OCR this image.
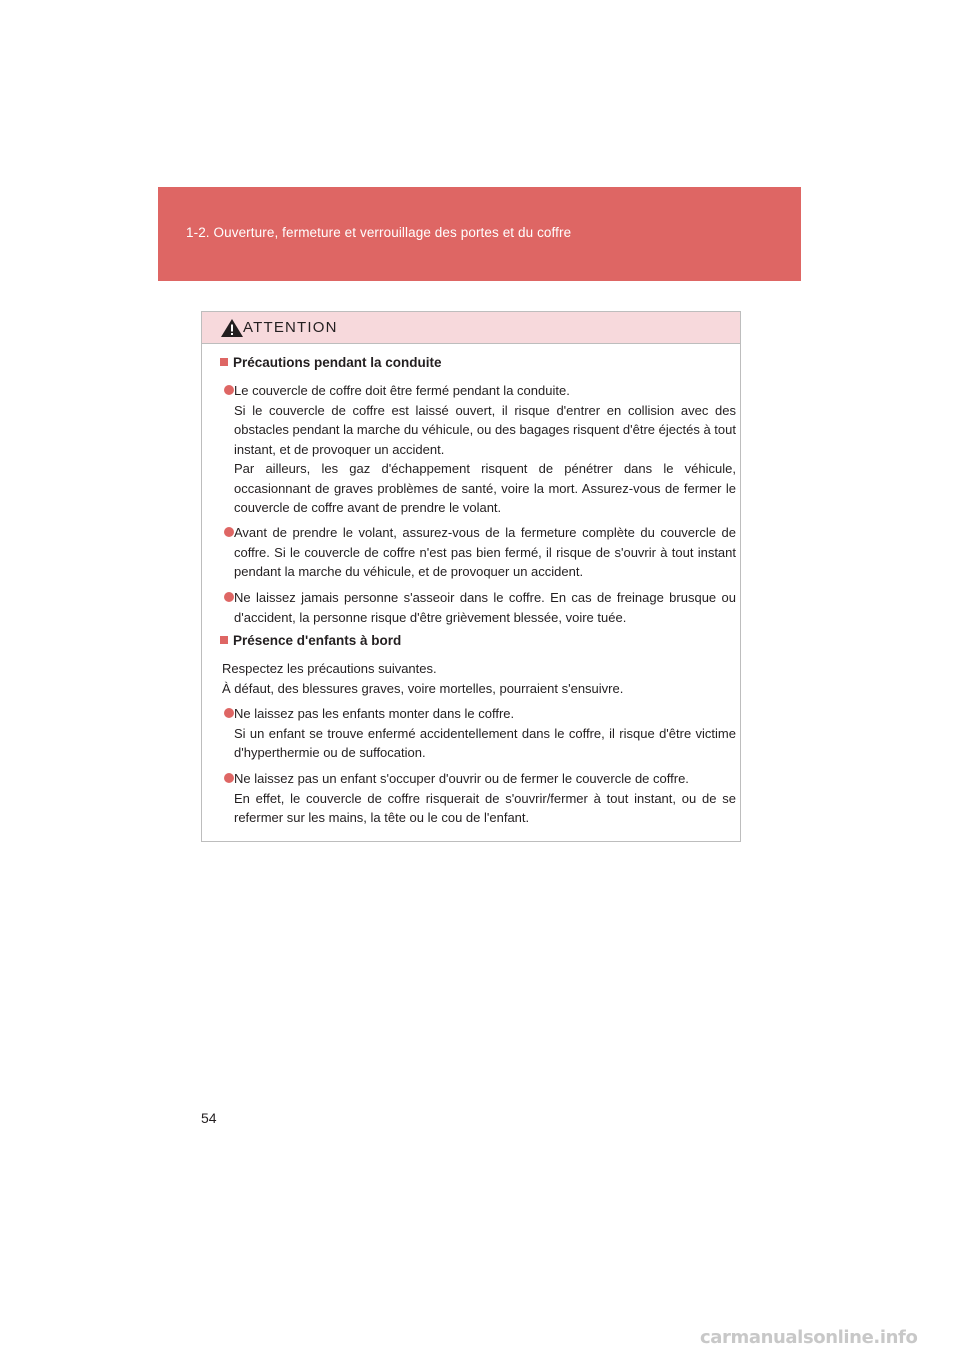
1-2. Ouverture, fermeture et verrouillage des portes et du coffre
ATTENTION
Précautions pendant la conduite

Le couvercle de coffre doit être fermé pendant la conduite.

Si le couvercle de coffre est laissé ouvert, il risque d'entrer en collision avec des obstacles pendant la marche du véhicule, ou des bagages risquent d'être éjectés à tout instant, et de provoquer un accident.

Par ailleurs, les gaz d'échappement risquent de pénétrer dans le véhicule, occasionnant de graves problèmes de santé, voire la mort. Assurez-vous de fermer le couvercle de coffre avant de prendre le volant.

Avant de prendre le volant, assurez-vous de la fermeture complète du couvercle de coffre. Si le couvercle de coffre n'est pas bien fermé, il risque de s'ouvrir à tout instant pendant la marche du véhicule, et de provoquer un accident.

Ne laissez jamais personne s'asseoir dans le coffre. En cas de freinage brusque ou d'accident, la personne risque d'être grièvement blessée, voire tuée.

Présence d'enfants à bord

Respectez les précautions suivantes.

À défaut, des blessures graves, voire mortelles, pourraient s'ensuivre.

Ne laissez pas les enfants monter dans le coffre.

Si un enfant se trouve enfermé accidentellement dans le coffre, il risque d'être victime d'hyperthermie ou de suffocation.

Ne laissez pas un enfant s'occuper d'ouvrir ou de fermer le couvercle de coffre.

En effet, le couvercle de coffre risquerait de s'ouvrir/fermer à tout instant, ou de se refermer sur les mains, la tête ou le cou de l'enfant.

54
carmanualsonline.info
